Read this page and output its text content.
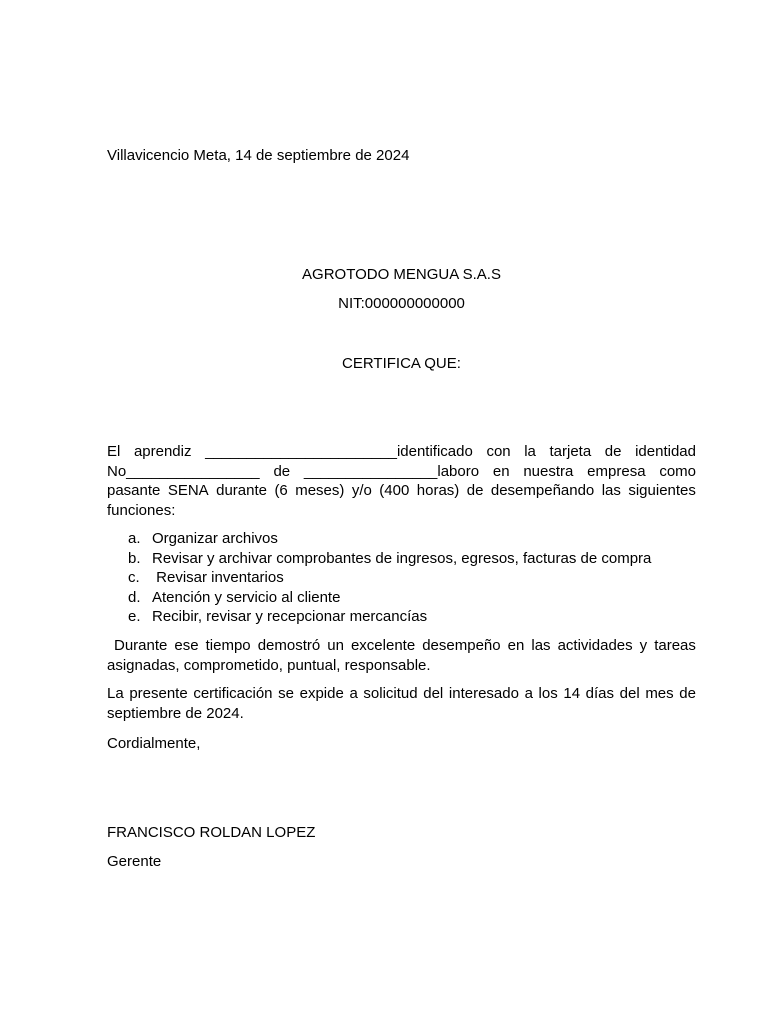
Villavicencio Meta, 14 de septiembre de 2024
AGROTODO MENGUA S.A.S
NIT:000000000000
CERTIFICA QUE:
El aprendiz _______________________identificado con la tarjeta de identidad
No________________ de ________________laboro en nuestra empresa como
pasante SENA durante (6 meses) y/o (400 horas) de desempeñando las siguientes
funciones:
a. Organizar archivos
b. Revisar y archivar comprobantes de ingresos, egresos, facturas de compra
c. Revisar inventarios
d. Atención y servicio al cliente
e. Recibir, revisar y recepcionar mercancías
Durante ese tiempo demostró un excelente desempeño en las actividades y tareas
asignadas, comprometido, puntual, responsable.
La presente certificación se expide a solicitud del interesado a los 14 días del mes de
septiembre de 2024.
Cordialmente,
FRANCISCO ROLDAN LOPEZ
Gerente
